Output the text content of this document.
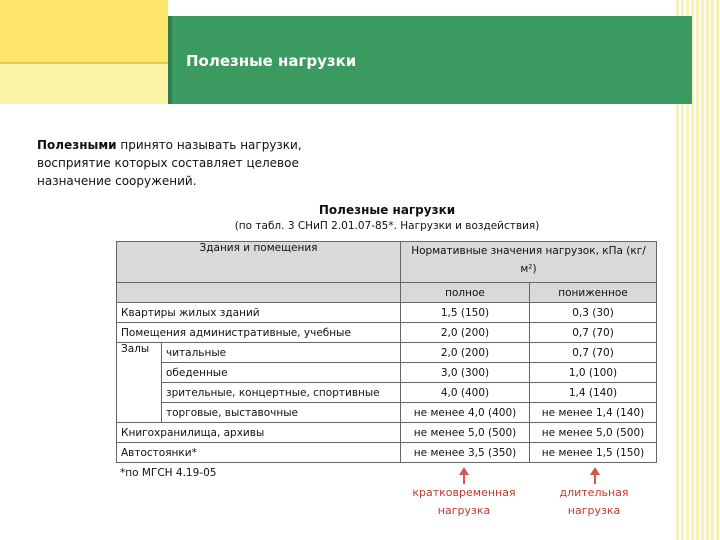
Полезные нагрузки
Полезными принято называть нагрузки, восприятие которых составляет целевое назначение сооружений.
Полезные нагрузки
(по табл. 3 СНиП 2.01.07-85*. Нагрузки и воздействия)
Здания и помещения		Нормативные значения нагрузок, кПа (кг/м²)	

		полное	пониженное
Квартиры жилых зданий		1,5 (150)	0,3 (30)
Помещения административные, учебные		2,0 (200)	0,7 (70)
Залы	читальные	2,0 (200)	0,7 (70)
	обеденные	3,0 (300)	1,0 (100)
	зрительные, концертные, спортивные	4,0 (400)	1,4 (140)
	торговые, выставочные	не менее 4,0 (400)	не менее 1,4 (140)
Книгохранилища, архивы		не менее 5,0 (500)	не менее 5,0 (500)
Автостоянки*		не менее 3,5 (350)	не менее 1,5 (150)
*по МГСН 4.19-05
кратковременная нагрузка
длительная нагрузка
